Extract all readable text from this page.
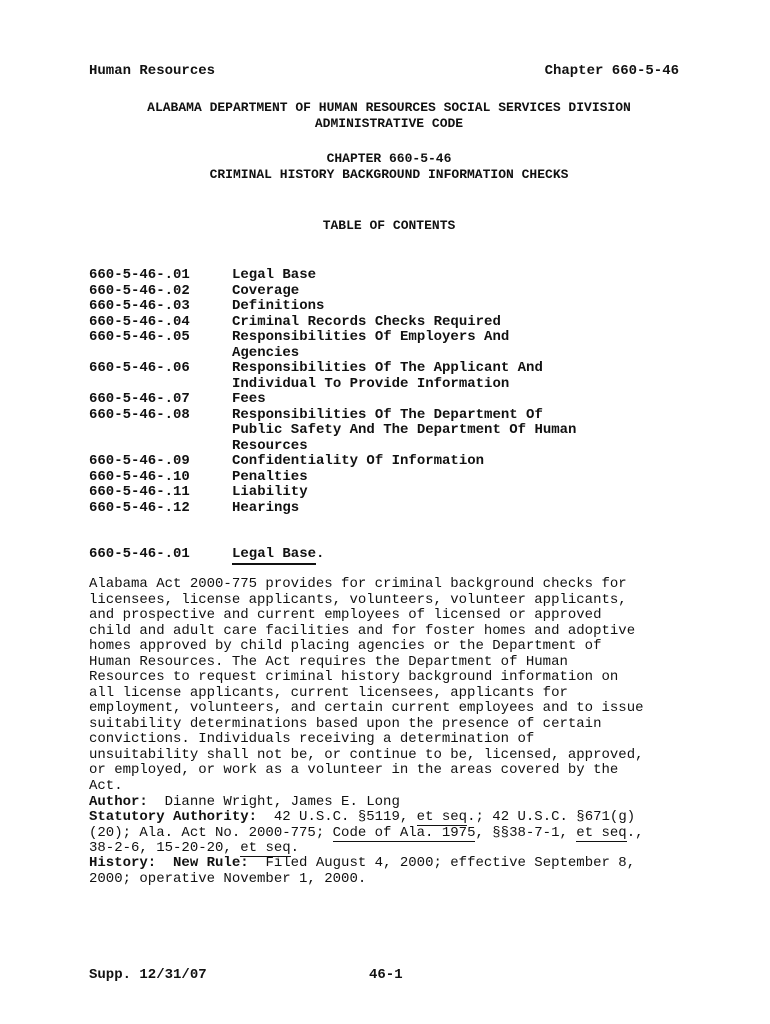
Human Resources	Chapter 660-5-46
ALABAMA DEPARTMENT OF HUMAN RESOURCES SOCIAL SERVICES DIVISION
ADMINISTRATIVE CODE
CHAPTER 660-5-46
CRIMINAL HISTORY BACKGROUND INFORMATION CHECKS
TABLE OF CONTENTS
660-5-46-.01	Legal Base
660-5-46-.02	Coverage
660-5-46-.03	Definitions
660-5-46-.04	Criminal Records Checks Required
660-5-46-.05	Responsibilities Of Employers And
Agencies
660-5-46-.06	Responsibilities Of The Applicant And
Individual To Provide Information
660-5-46-.07	Fees
660-5-46-.08	Responsibilities Of The Department Of
Public Safety And The Department Of Human
Resources
660-5-46-.09	Confidentiality Of Information
660-5-46-.10	Penalties
660-5-46-.11	Liability
660-5-46-.12	Hearings
660-5-46-.01	Legal Base .
Alabama Act 2000-775 provides for criminal background checks for
licensees, license applicants, volunteers, volunteer applicants,
and prospective and current employees of licensed or approved
child and adult care facilities and for foster homes and adoptive
homes approved by child placing agencies or the Department of
Human Resources. The Act requires the Department of Human
Resources to request criminal history background information on
all license applicants, current licensees, applicants for
employment, volunteers, and certain current employees and to issue
suitability determinations based upon the presence of certain
convictions. Individuals receiving a determination of
unsuitability shall not be, or continue to be, licensed, approved,
or employed, or work as a volunteer in the areas covered by the
Act.
Author:  Dianne Wright, James E. Long
Statutory Authority:  42 U.S.C. §5119, et seq.; 42 U.S.C. §671(g)
(20); Ala. Act No. 2000-775; Code of Ala. 1975, §§38-7-1, et seq.,
38-2-6, 15-20-20, et seq.
History:  New Rule:  Filed August 4, 2000; effective September 8,
2000; operative November 1, 2000.
Supp. 12/31/07	46-1
